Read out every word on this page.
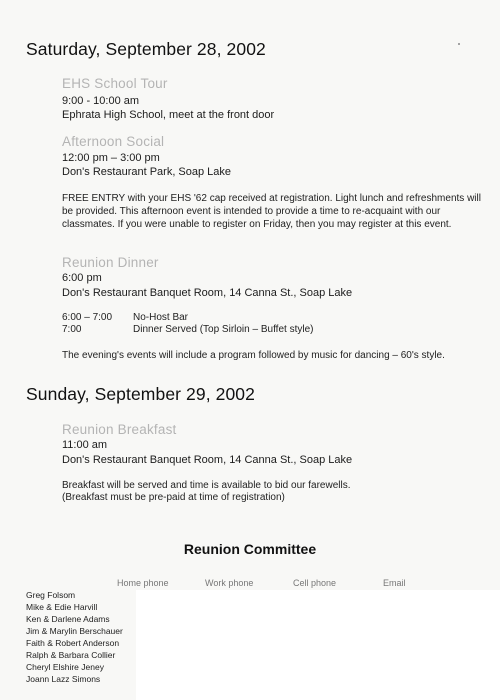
Saturday, September 28, 2002
EHS School Tour
9:00 - 10:00 am
Ephrata High School, meet at the front door
Afternoon Social
12:00 pm – 3:00 pm
Don's Restaurant Park, Soap Lake
FREE ENTRY with your EHS '62 cap received at registration. Light lunch and refreshments will be provided. This afternoon event is intended to provide a time to re-acquaint with our classmates. If you were unable to register on Friday, then you may register at this event.
Reunion Dinner
6:00 pm
Don's Restaurant Banquet Room, 14 Canna St., Soap Lake
6:00 – 7:00 No-Host Bar
7:00	Dinner Served (Top Sirloin – Buffet style)
The evening's events will include a program followed by music for dancing – 60's style.
Sunday, September 29, 2002
Reunion Breakfast
11:00 am
Don's Restaurant Banquet Room, 14 Canna St., Soap Lake
Breakfast will be served and time is available to bid our farewells.
(Breakfast must be pre-paid at time of registration)
Reunion Committee
Home phone	Work phone	Cell phone	Email
Greg Folsom
Mike & Edie Harvill
Ken & Darlene Adams
Jim & Marylin Berschauer
Faith & Robert Anderson
Ralph & Barbara Collier
Cheryl Elshire Jeney
Joann Lazz Simons
